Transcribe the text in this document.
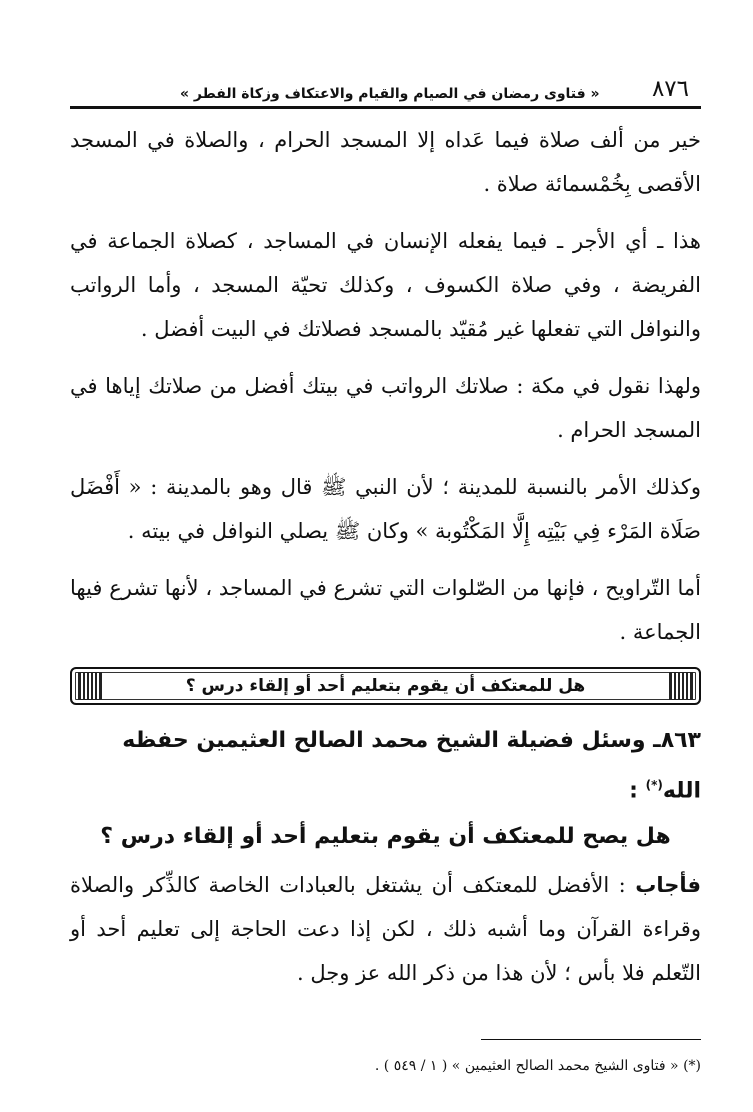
٨٧٦
« فتاوى رمضان في الصيام والقيام والاعتكاف وزكاة الفطر »

خير من ألف صلاة فيما عَداه إلا المسجد الحرام ، والصلاة في المسجد الأقصى بِخُمْسمائة صلاة .

هذا ـ أي الأجر ـ فيما يفعله الإنسان في المساجد ، كصلاة الجماعة في الفريضة ، وفي صلاة الكسوف ، وكذلك تحيّة المسجد ، وأما الرواتب والنوافل التي تفعلها غير مُقيّد بالمسجد فصلاتك في البيت أفضل .

ولهذا نقول في مكة : صلاتك الرواتب في بيتك أفضل من صلاتك إياها في المسجد الحرام .

وكذلك الأمر بالنسبة للمدينة ؛ لأن النبي ﷺ قال وهو بالمدينة : « أَفْضَل صَلَاة المَرْء فِي بَيْتِه إِلَّا المَكْتُوبة » وكان ﷺ يصلي النوافل في بيته .

أما التّراويح ، فإنها من الصّلوات التي تشرع في المساجد ، لأنها تشرع فيها الجماعة .

هل للمعتكف أن يقوم بتعليم أحد أو إلقاء درس ؟

٨٦٣ـ وسئل فضيلة الشيخ محمد الصالح العثيمين حفظه الله(*) :

هل يصح للمعتكف أن يقوم بتعليم أحد أو إلقاء درس ؟

فأجاب : الأفضل للمعتكف أن يشتغل بالعبادات الخاصة كالذِّكر والصلاة وقراءة القرآن وما أشبه ذلك ، لكن إذا دعت الحاجة إلى تعليم أحد أو التّعلم فلا بأس ؛ لأن هذا من ذكر الله عز وجل .

(*) « فتاوى الشيخ محمد الصالح العثيمين » ( ١ / ٥٤٩ ) .
